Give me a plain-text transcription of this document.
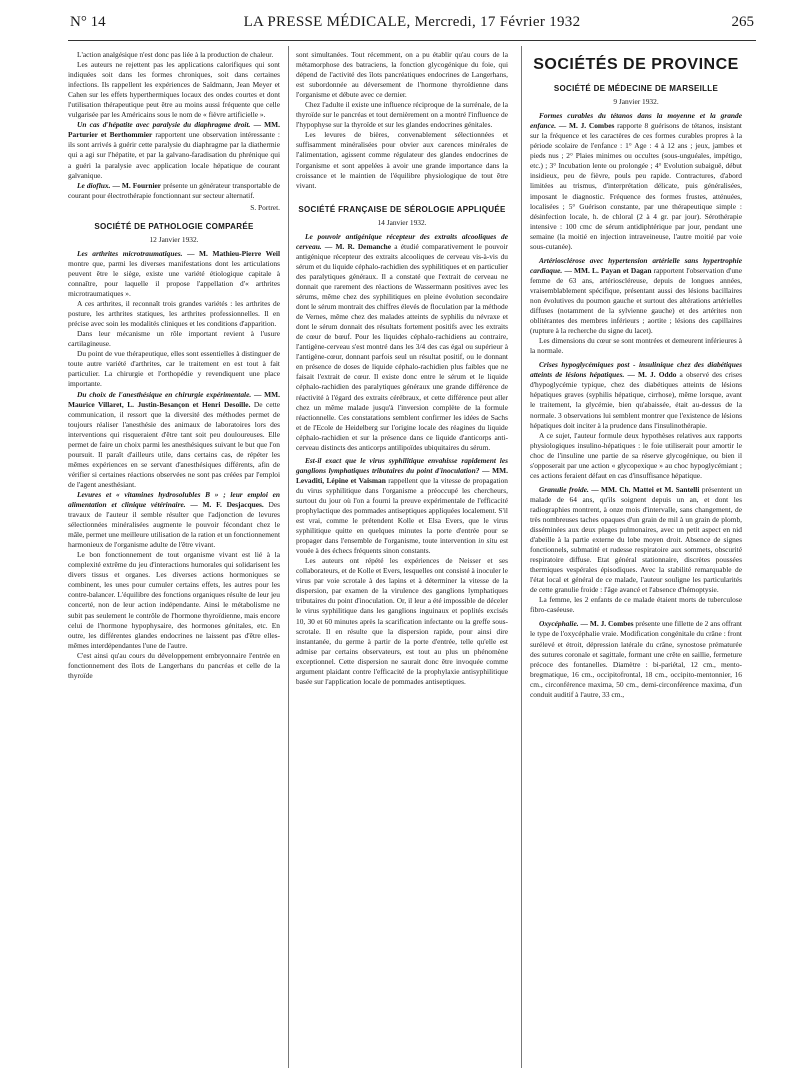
N° 14	LA PRESSE MÉDICALE, Mercredi, 17 Février 1932	265

L'action analgésique n'est donc pas liée à la production de chaleur.

Les auteurs ne rejettent pas les applications calorifiques qui sont indiquées soit dans les formes chroniques, soit dans certaines infections. Ils rappellent les expériences de Saïdmann, Jean Meyer et Cahen sur les effets hyperthermiques locaux des ondes courtes et dont l'utilisation thérapeutique peut être au moins aussi fréquente que celle vulgarisée par les Américains sous le nom de « fièvre artificielle ».

Un cas d'hépatite avec paralysie du diaphragme droit. — MM. Parturier et Berthommier rapportent une observation intéressante : ils sont arrivés à guérir cette paralysie du diaphragme par la diathermie qui a agi sur l'hépatite, et par la galvano-faradisation du phrénique qui a guéri la paralysie avec application locale hépatique de courant galvanique.

Le dioflux. — M. Fournier présente un générateur transportable de courant pour électrothérapie fonctionnant sur secteur alternatif.

S. Portret.
SOCIÉTÉ DE PATHOLOGIE COMPARÉE
12 Janvier 1932.

Les arthrites microtraumatiques. — M. Mathieu-Pierre Weil montre que, parmi les diverses manifestations dont les articulations peuvent être le siège, existe une variété étiologique capitale à connaître, pour laquelle il propose l'appellation d'« arthrites microtraumatiques ».

A ces arthrites, il reconnaît trois grandes variétés : les arthrites de posture, les arthrites statiques, les arthrites professionnelles. Il en précise avec soin les modalités cliniques et les conditions d'apparition.

Dans leur mécanisme un rôle important revient à l'usure cartilagineuse.

Du point de vue thérapeutique, elles sont essentielles à distinguer de toute autre variété d'arthrites, car le traitement en est tout à fait particulier. La chirurgie et l'orthopédie y revendiquent une place importante.

Du choix de l'anesthésique en chirurgie expérimentale. — MM. Maurice Villaret, L. Justin-Besançon et Henri Desoille. De cette communication, il ressort que la diversité des méthodes permet de toujours réaliser l'anesthésie des animaux de laboratoires lors des interventions qui risqueraient d'être tant soit peu douloureuses. Elle permet de faire un choix parmi les anesthésiques suivant le but que l'on poursuit. Il paraît d'ailleurs utile, dans certains cas, de répéter les mêmes expériences en se servant d'anesthésiques différents, afin de vérifier si certaines réactions observées ne sont pas créées par l'emploi de l'agent anesthésiant.

Levures et « vitamines hydrosolubles B » ; leur emploi en alimentation et clinique vétérinaire. — M. F. Desjacques. Des travaux de l'auteur il semble résulter que l'adjonction de levures sélectionnées minéralisées augmente le pouvoir fécondant chez le mâle, permet une meilleure utilisation de la ration et un fonctionnement harmonieux de l'organisme adulte de l'être vivant.

Le bon fonctionnement de tout organisme vivant est lié à la complexité extrême du jeu d'interactions humorales qui solidarisent les divers tissus et organes. Les diverses actions hormoniques se combinent, les unes pour cumuler certains effets, les autres pour les contre-balancer. L'équilibre des fonctions organiques résulte de leur jeu concerté, non de leur action indépendante. Ainsi le métabolisme ne subit pas seulement le contrôle de l'hormone thyroïdienne, mais encore celui de l'hormone hypophysaire, des hormones génitales, etc. En outre, les différentes glandes endocrines ne laissent pas d'être elles-mêmes interdépendantes l'une de l'autre.

C'est ainsi qu'au cours du développement embryonnaire l'entrée en fonctionnement des îlots de Langerhans du pancréas et celle de la thyroïde

sont simultanées. Tout récemment, on a pu établir qu'au cours de la métamorphose des batraciens, la fonction glycogénique du foie, qui dépend de l'activité des îlots pancréatiques endocrines de Langerhans, est subordonnée au déversement de l'hormone thyroïdienne dans l'organisme et débute avec ce dernier.

Chez l'adulte il existe une influence réciproque de la surrénale, de la thyroïde sur le pancréas et tout dernièrement on a montré l'influence de l'hypophyse sur la thyroïde et sur les glandes endocrines génitales.

Les levures de bières, convenablement sélectionnées et suffisamment minéralisées pour obvier aux carences minérales de l'alimentation, agissent comme régulateur des glandes endocrines de l'organisme et sont appelées à avoir une grande importance dans la croissance et le maintien de l'équilibre physiologique de tout être vivant.

SOCIÉTÉ FRANÇAISE DE SÉROLOGIE APPLIQUÉE
14 Janvier 1932.

Le pouvoir antigénique récepteur des extraits alcooliques de cerveau. — M. R. Demanche a étudié comparativement le pouvoir antigénique récepteur des extraits alcooliques de cerveau vis-à-vis du sérum et du liquide céphalo-rachidien des syphilitiques et en particulier des paralytiques généraux. Il a constaté que l'extrait de cerveau ne donnait que rarement des réactions de Wassermann positives avec les sérums, même chez des syphilitiques en pleine évolution secondaire dont le sérum montrait des chiffres élevés de floculation par la méthode de Vernes, même chez des malades atteints de syphilis du névraxe et dont le sérum donnait des résultats fortement positifs avec les extraits de cœur de bœuf. Pour les liquides céphalo-rachidiens au contraire, l'antigène-cerveau s'est montré dans les 3/4 des cas égal ou supérieur à l'antigène-cœur, donnant parfois seul un résultat positif, ou le donnant en présence de doses de liquide céphalo-rachidien plus faibles que ne faisait l'extrait de cœur. Il existe donc entre le sérum et le liquide céphalo-rachidien des paralytiques généraux une grande différence de réactivité à l'égard des extraits cérébraux, et cette différence peut aller chez un même malade jusqu'à l'inversion complète de la formule réactionnelle. Ces constatations semblent confirmer les idées de Sachs et de l'Ecole de Heidelberg sur l'origine locale des réagines du liquide céphalo-rachidien et sur la présence dans ce liquide d'anticorps anti-cerveau distincts des anticorps antilipoïdes ubiquitaires du sérum.

Est-il exact que le virus syphilitique envahisse rapidement les ganglions lymphatiques tributaires du point d'inoculation? — MM. Levaditi, Lépine et Vaisman rappellent que la vitesse de propagation du virus syphilitique dans l'organisme a préoccupé les chercheurs, surtout du jour où l'on a fourni la preuve expérimentale de l'efficacité prophylactique des pommades antiseptiques appliquées localement. S'il est vrai, comme le prétendent Kolle et Elsa Evers, que le virus syphilitique quitte en quelques minutes la porte d'entrée pour se propager dans l'ensemble de l'organisme, toute intervention in situ est vouée à des échecs fréquents sinon constants.

Les auteurs ont répété les expériences de Neisser et ses collaborateurs, et de Kolle et Evers, lesquelles ont consisté à inoculer le virus par voie scrotale à des lapins et à déterminer la vitesse de la dispersion, par examen de la virulence des ganglions lymphatiques tributaires du point d'inoculation. Or, il leur a été impossible de déceler le virus syphilitique dans les ganglions inguinaux et poplités excisés 10, 30 et 60 minutes après la scarification infectante ou la greffe sous-scrotale. Il en résulte que la dispersion rapide, pour ainsi dire instantanée, du germe à partir de la porte d'entrée, telle qu'elle est admise par certains observateurs, est tout au plus un phénomène exceptionnel. Cette dispersion ne saurait donc être invoquée comme argument plaidant contre l'efficacité de la prophylaxie antisyphilitique basée sur l'application locale de pommades antiseptiques.

SOCIÉTÉS DE PROVINCE
SOCIÉTÉ DE MÉDECINE DE MARSEILLE
9 Janvier 1932.

Formes curables du tétanos dans la moyenne et la grande enfance. — M. J. Combes rapporte 8 guérisons de tétanos, insistant sur la fréquence et les caractères de ces formes curables propres à la période scolaire de l'enfance : 1° Age : 4 à 12 ans ; jeux, jambes et pieds nus ; 2° Plaies minimes ou occultes (sous-unguéales, impétigo, etc.) ; 3° Incubation lente ou prolongée ; 4° Evolution subaiguë, début insidieux, peu de fièvre, pouls peu rapide. Contractures, d'abord limitées au trismus, d'interprétation délicate, puis généralisées, imposant le diagnostic. Fréquence des formes frustes, atténuées, localisées ; 5° Guérison constante, par une thérapeutique simple : désinfection locale, h. de chloral (2 à 4 gr. par jour). Sérothérapie intensive : 100 cmc de sérum antidiphtérique par jour, pendant une semaine (la moitié en injection intraveineuse, l'autre moitié par voie sous-cutanée).

Artériosclérose avec hypertension artérielle sans hypertrophie cardiaque. — MM. L. Payan et Dagan rapportent l'observation d'une femme de 63 ans, artérioscléreuse, depuis de longues années, vraisemblablement spécifique, présentant aussi des lésions bacillaires non évolutives du poumon gauche et surtout des altérations artérielles diffuses (notamment de la sylvienne gauche) et des artérites non oblitérantes des membres inférieurs ; aortite ; lésions des capillaires (rupture à la recherche du signe du lacet).

Les dimensions du cœur se sont montrées et demeurent inférieures à la normale.

Crises hypoglycémiques post - insulinique chez des diabétiques atteints de lésions hépatiques. — M. J. Oddo a observé des crises d'hypoglycémie typique, chez des diabétiques atteints de lésions hépatiques graves (syphilis hépatique, cirrhose), même lorsque, avant le traitement, la glycémie, bien qu'abaissée, était au-dessus de la normale. 3 observations lui semblent montrer que l'existence de lésions hépatiques doit inciter à la prudence dans l'insulinothérapie.

A ce sujet, l'auteur formule deux hypothèses relatives aux rapports physiologiques insulino-hépatiques : le foie utiliserait pour amortir le choc de l'insuline une partie de sa réserve glycogénique, ou bien il s'opposerait par une action « glycopexique » au choc hypoglycémiant ; ces actions feraient défaut en cas d'insuffisance hépatique.

Granulie froide. — MM. Ch. Mattei et M. Santelli présentent un malade de 64 ans, qu'ils soignent depuis un an, et dont les radiographies montrent, à onze mois d'intervalle, sans changement, de très nombreuses taches opaques d'un grain de mil à un grain de plomb, disséminées aux deux plages pulmonaires, avec un petit aspect en nid d'abeille à la partie externe du lobe moyen droit. Absence de signes fonctionnels, submatité et rudesse respiratoire aux sommets, obscurité respiratoire diffuse. Etat général stationnaire, discrètes poussées thermiques vespérales épisodiques. Avec la stabilité remarquable de l'état local et général de ce malade, l'auteur souligne les particularités de cette granulie froide : l'âge avancé et l'absence d'hémoptysie.

La femme, les 2 enfants de ce malade étaient morts de tuberculose fibro-caséeuse.

Oxycéphalie. — M. J. Combes présente une fillette de 2 ans offrant le type de l'oxycéphalie vraie. Modification congénitale du crâne : front surélevé et étroit, dépression latérale du crâne, synostose prématurée des sutures coronale et sagittale, formant une crête en saillie, fermeture précoce des fontanelles. Diamètre : bi-pariétal, 12 cm., mento-bregmatique, 16 cm., occipitofrontal, 18 cm., occipito-mentonnier, 16 cm., circonférence maxima, 50 cm., demi-circonférence maxima, d'un conduit auditif à l'autre, 33 cm.,
